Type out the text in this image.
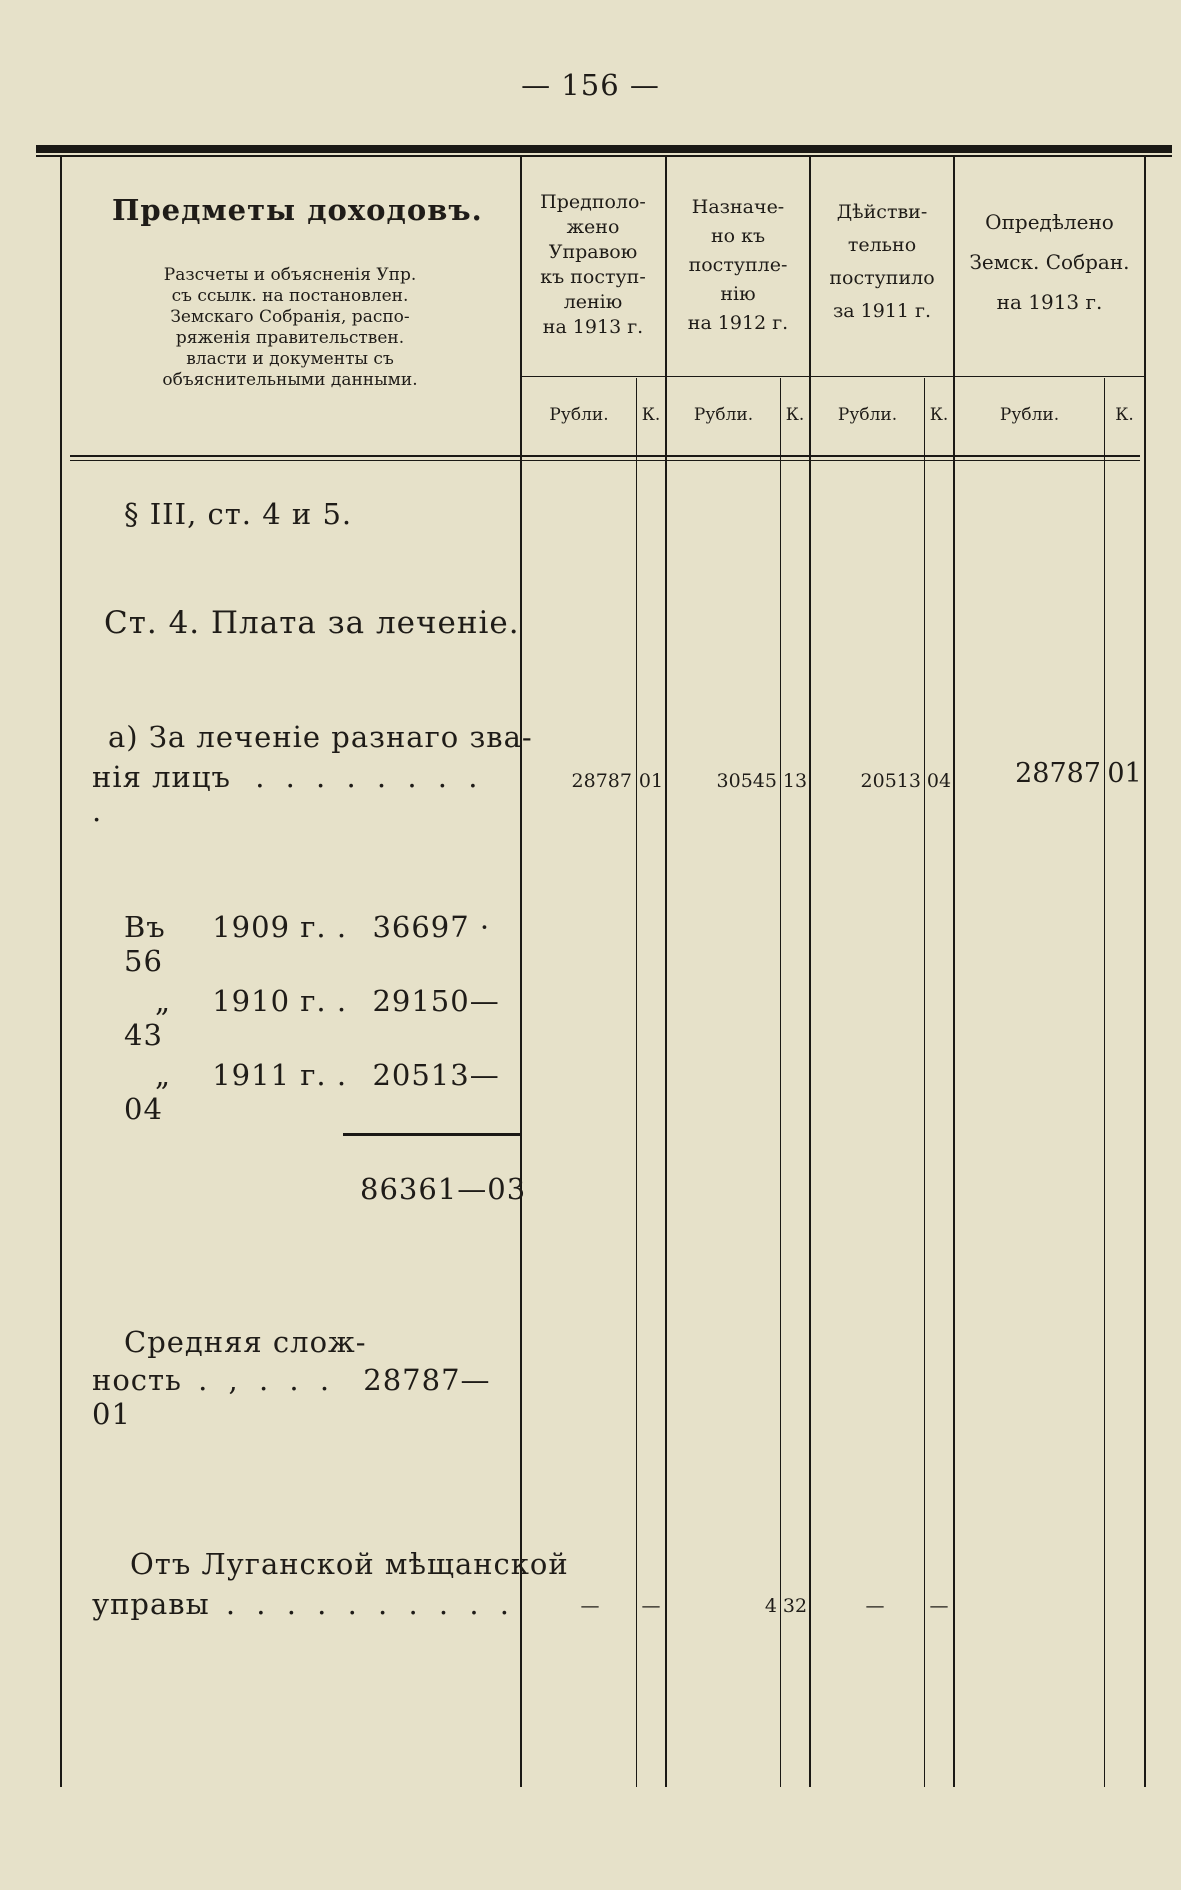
— 156 —
Предметы доходовъ.
Разсчеты и объясненія Упр.
съ ссылк. на постановлен.
Земскаго Собранія, распо-
ряженія правительствен.
власти и документы съ
объяснительными данными.
Предполо-
жено
Управою
къ поступ-
ленію
на 1913 г.
Назначе-
но къ
поступле-
нію
на 1912 г.
Дѣйстви-
тельно
поступило
за 1911 г.
Опредѣлено
Земск. Собран.
на 1913 г.
Рубли.	К.	Рубли.	К.	Рубли.	К.	Рубли.	К.
§ III, ст. 4 и 5.
Ст. 4. Плата за леченіе.
а) За леченіе разнаго зва-
нія лицъ . . . . . . . . .
28787 01	30545 13	20513 04	28787 01
Въ 1909 г. . 36697 · 56
„ 1910 г. . 29150—43
„ 1911 г. . 20513—04
86361—03
Средняя слож-
ность . , . . . 28787—01
Отъ Луганской мѣщанской
управы . . . . . . . . . .	—	—	4 32	—	—
